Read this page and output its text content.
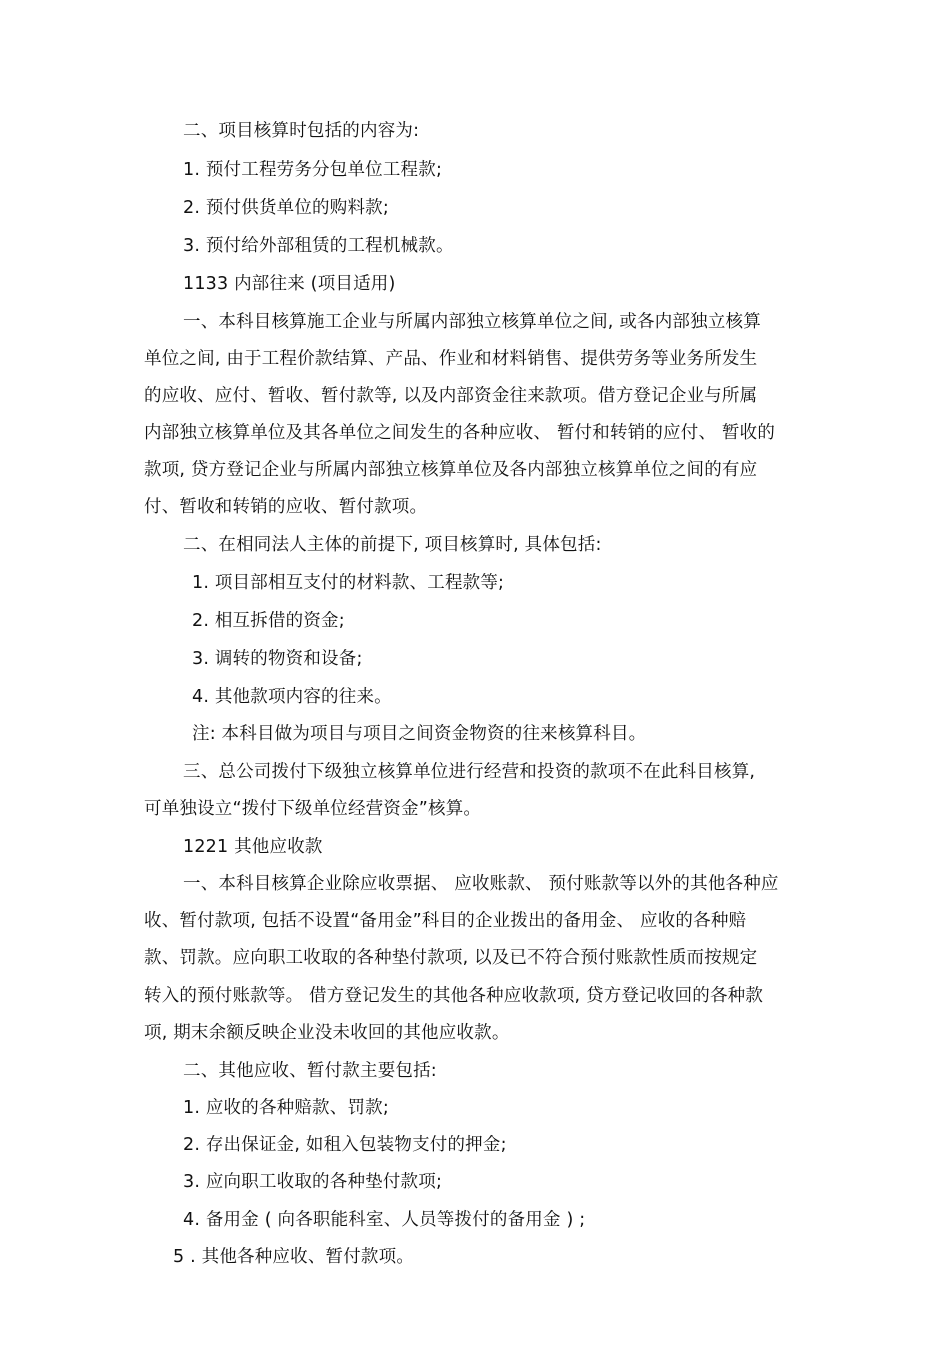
二、项目核算时包括的内容为:
1. 预付工程劳务分包单位工程款;
2. 预付供货单位的购料款;
3. 预付给外部租赁的工程机械款。
1133 内部往来 (项目适用)
一、本科目核算施工企业与所属内部独立核算单位之间, 或各内部独立核算
单位之间, 由于工程价款结算、产品、作业和材料销售、提供劳务等业务所发生
的应收、应付、暂收、暂付款等, 以及内部资金往来款项。借方登记企业与所属
内部独立核算单位及其各单位之间发生的各种应收、 暂付和转销的应付、 暂收的
款项, 贷方登记企业与所属内部独立核算单位及各内部独立核算单位之间的有应
付、暂收和转销的应收、暂付款项。
二、在相同法人主体的前提下, 项目核算时, 具体包括:
1. 项目部相互支付的材料款、工程款等;
2. 相互拆借的资金;
3. 调转的物资和设备;
4. 其他款项内容的往来。
注: 本科目做为项目与项目之间资金物资的往来核算科目。
三、总公司拨付下级独立核算单位进行经营和投资的款项不在此科目核算,
可单独设立“拨付下级单位经营资金”核算。
1221 其他应收款
一、本科目核算企业除应收票据、 应收账款、 预付账款等以外的其他各种应
收、暂付款项, 包括不设置“备用金”科目的企业拨出的备用金、 应收的各种赔
款、罚款。应向职工收取的各种垫付款项, 以及已不符合预付账款性质而按规定
转入的预付账款等。 借方登记发生的其他各种应收款项, 贷方登记收回的各种款
项, 期末余额反映企业没未收回的其他应收款。
二、其他应收、暂付款主要包括:
1. 应收的各种赔款、罚款;
2. 存出保证金, 如租入包装物支付的押金;
3. 应向职工收取的各种垫付款项;
4. 备用金 ( 向各职能科室、人员等拨付的备用金 ) ;
5 . 其他各种应收、暂付款项。
